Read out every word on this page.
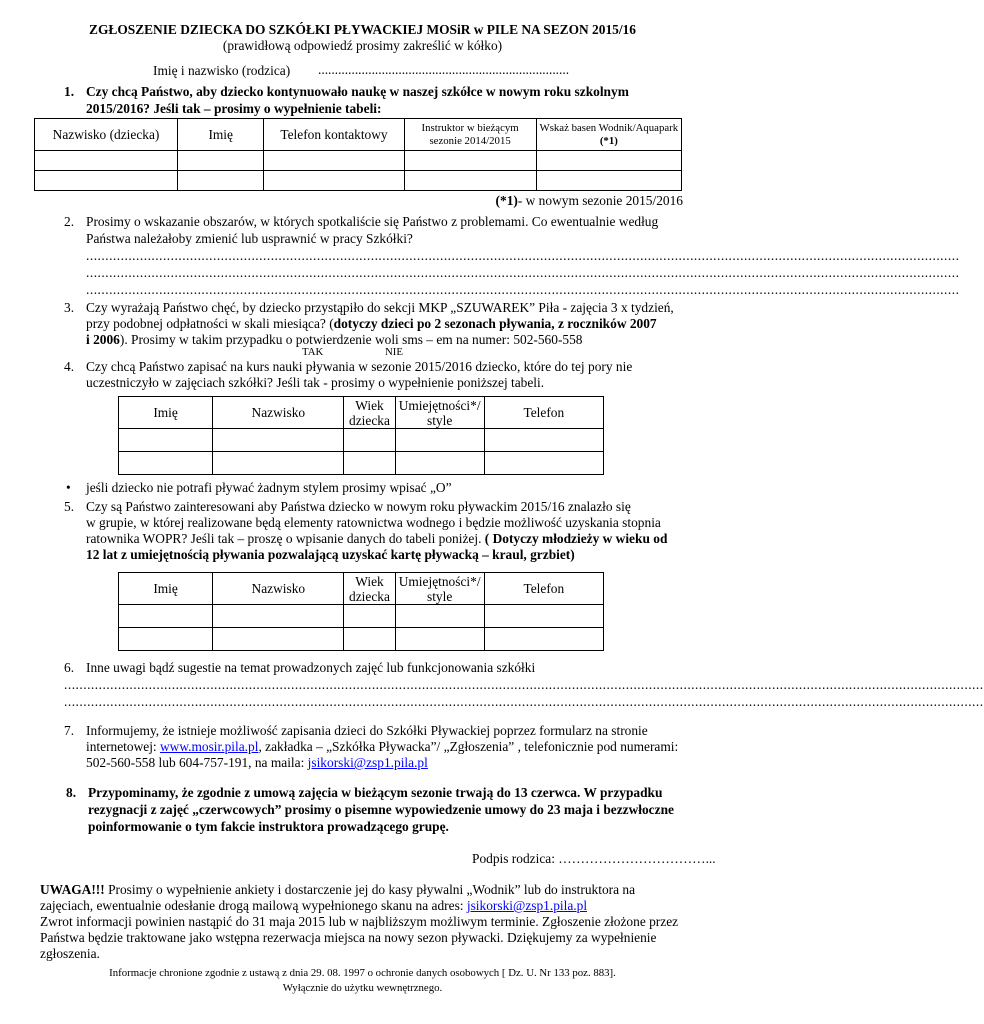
ZGŁOSZENIE DZIECKA DO SZKÓŁKI PŁYWACKIEJ MOSiR w PILE NA SEZON 2015/16
(prawidłową odpowiedź prosimy zakreślić w kółko)
Imię i nazwisko (rodzica) ...........................................................................
1. Czy chcą Państwo, aby dziecko kontynuowało naukę w naszej szkółce w nowym roku szkolnym
2015/2016? Jeśli tak – prosimy o wypełnienie tabeli:
Nazwisko (dziecka)	Imię	Telefon kontaktowy	Instruktor w bieżącym sezonie 2014/2015	Wskaż basen Wodnik/Aquapark (*1)

(*1)- w nowym sezonie 2015/2016
2. Prosimy o wskazanie obszarów, w których spotkaliście się Państwo z problemami. Co ewentualnie według
Państwa należałoby zmienić lub usprawnić w pracy Szkółki?
...................................................................................................................................................................................................................................
...................................................................................................................................................................................................................................
...................................................................................................................................................................................................................................
3. Czy wyrażają Państwo chęć, by dziecko przystąpiło do sekcji MKP „SZUWAREK” Piła - zajęcia 3 x tydzień,
przy podobnej odpłatności w skali miesiąca? (dotyczy dzieci po 2 sezonach pływania, z roczników 2007
i 2006). Prosimy w takim przypadku o potwierdzenie woli sms – em na numer: 502-560-558
TAK	NIE
4. Czy chcą Państwo zapisać na kurs nauki pływania w sezonie 2015/2016 dziecko, które do tej pory nie
uczestniczyło w zajęciach szkółki? Jeśli tak - prosimy o wypełnienie poniższej tabeli.
Imię	Nazwisko	Wiek dziecka	Umiejętności*/ style	Telefon

• jeśli dziecko nie potrafi pływać żadnym stylem prosimy wpisać „O”
5. Czy są Państwo zainteresowani aby Państwa dziecko w nowym roku pływackim 2015/16 znalazło się
w grupie, w której realizowane będą elementy ratownictwa wodnego i będzie możliwość uzyskania stopnia
ratownika WOPR? Jeśli tak – proszę o wpisanie danych do tabeli poniżej. ( Dotyczy młodzieży w wieku od
12 lat z umiejętnością pływania pozwalającą uzyskać kartę pływacką – kraul, grzbiet)
Imię	Nazwisko	Wiek dziecka	Umiejętności*/ style	Telefon

6. Inne uwagi bądź sugestie na temat prowadzonych zajęć lub funkcjonowania szkółki
...............................................................................................................................................................................................................................................
...............................................................................................................................................................................................................................................
7. Informujemy, że istnieje możliwość zapisania dzieci do Szkółki Pływackiej poprzez formularz na stronie
internetowej: www.mosir.pila.pl, zakładka – „Szkółka Pływacka”/ „Zgłoszenia” , telefonicznie pod numerami:
502-560-558 lub 604-757-191, na maila: jsikorski@zsp1.pila.pl
8. Przypominamy, że zgodnie z umową zajęcia w bieżącym sezonie trwają do 13 czerwca. W przypadku
rezygnacji z zajęć „czerwcowych” prosimy o pisemne wypowiedzenie umowy do 23 maja i bezzwłoczne
poinformowanie o tym fakcie instruktora prowadzącego grupę.
Podpis rodzica: ……………………………...
UWAGA!!! Prosimy o wypełnienie ankiety i dostarczenie jej do kasy pływalni „Wodnik” lub do instruktora na
zajęciach, ewentualnie odesłanie drogą mailową wypełnionego skanu na adres: jsikorski@zsp1.pila.pl
Zwrot informacji powinien nastąpić do 31 maja 2015 lub w najbliższym możliwym terminie. Zgłoszenie złożone przez
Państwa będzie traktowane jako wstępna rezerwacja miejsca na nowy sezon pływacki. Dziękujemy za wypełnienie
zgłoszenia.
Informacje chronione zgodnie z ustawą z dnia 29. 08. 1997 o ochronie danych osobowych [ Dz. U. Nr 133 poz. 883].
Wyłącznie do użytku wewnętrznego.
